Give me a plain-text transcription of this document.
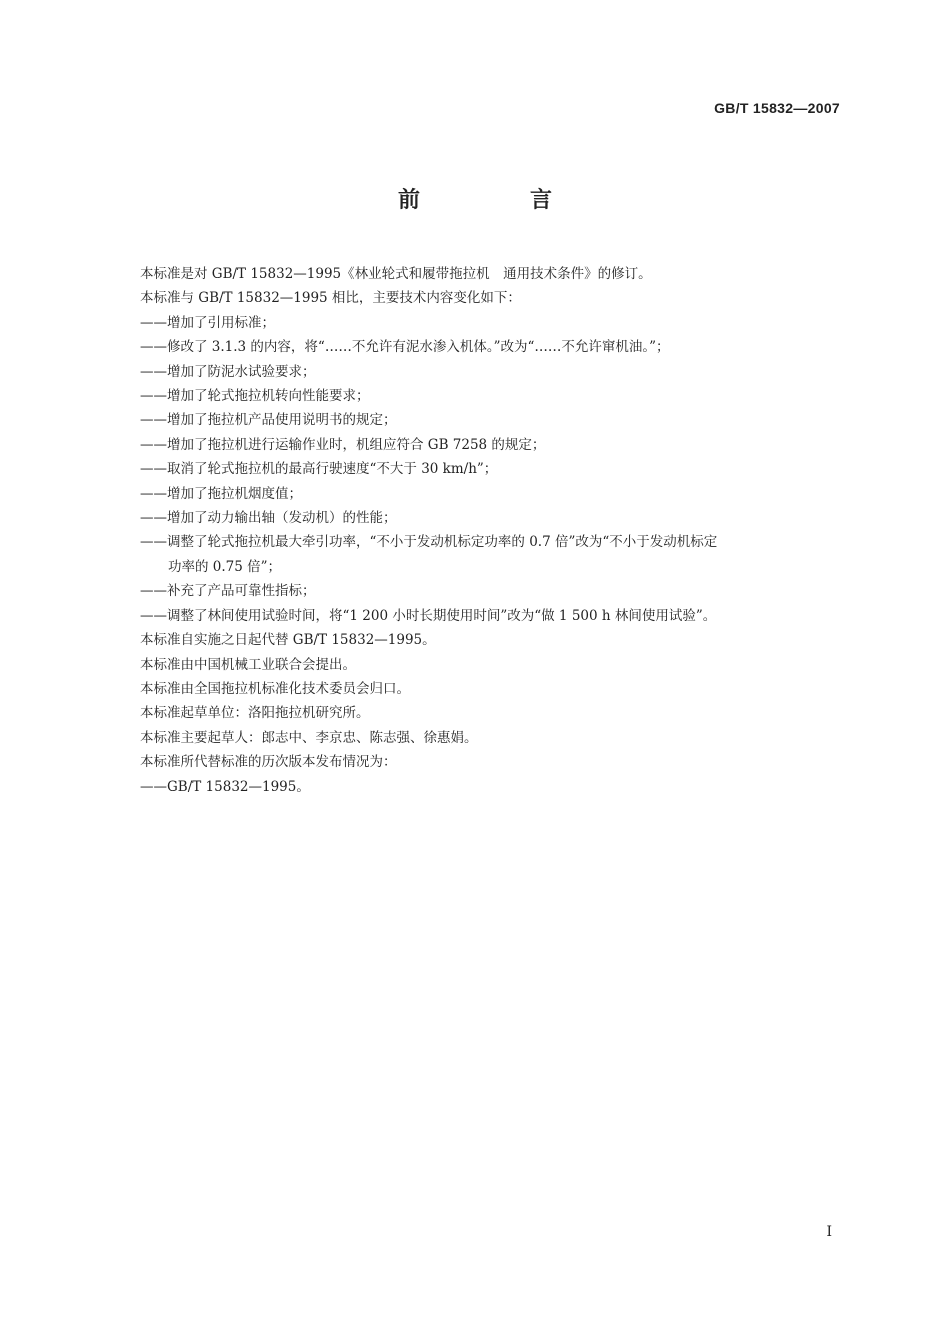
GB/T 15832—2007
前　言
本标准是对 GB/T 15832—1995《林业轮式和履带拖拉机　通用技术条件》的修订。
本标准与 GB/T 15832—1995 相比，主要技术内容变化如下：
——增加了引用标准；
——修改了 3.1.3 的内容，将“……不允许有泥水渗入机体。”改为“……不允许窜机油。”；
——增加了防泥水试验要求；
——增加了轮式拖拉机转向性能要求；
——增加了拖拉机产品使用说明书的规定；
——增加了拖拉机进行运输作业时，机组应符合 GB 7258 的规定；
——取消了轮式拖拉机的最高行驶速度“不大于 30 km/h”；
——增加了拖拉机烟度值；
——增加了动力输出轴（发动机）的性能；
——调整了轮式拖拉机最大牵引功率，“不小于发动机标定功率的 0.7 倍”改为“不小于发动机标定
功率的 0.75 倍”；
——补充了产品可靠性指标；
——调整了林间使用试验时间，将“1 200 小时长期使用时间”改为“做 1 500 h 林间使用试验”。
本标准自实施之日起代替 GB/T 15832—1995。
本标准由中国机械工业联合会提出。
本标准由全国拖拉机标准化技术委员会归口。
本标准起草单位：洛阳拖拉机研究所。
本标准主要起草人：郎志中、李京忠、陈志强、徐惠娟。
本标准所代替标准的历次版本发布情况为：
——GB/T 15832—1995。
I
